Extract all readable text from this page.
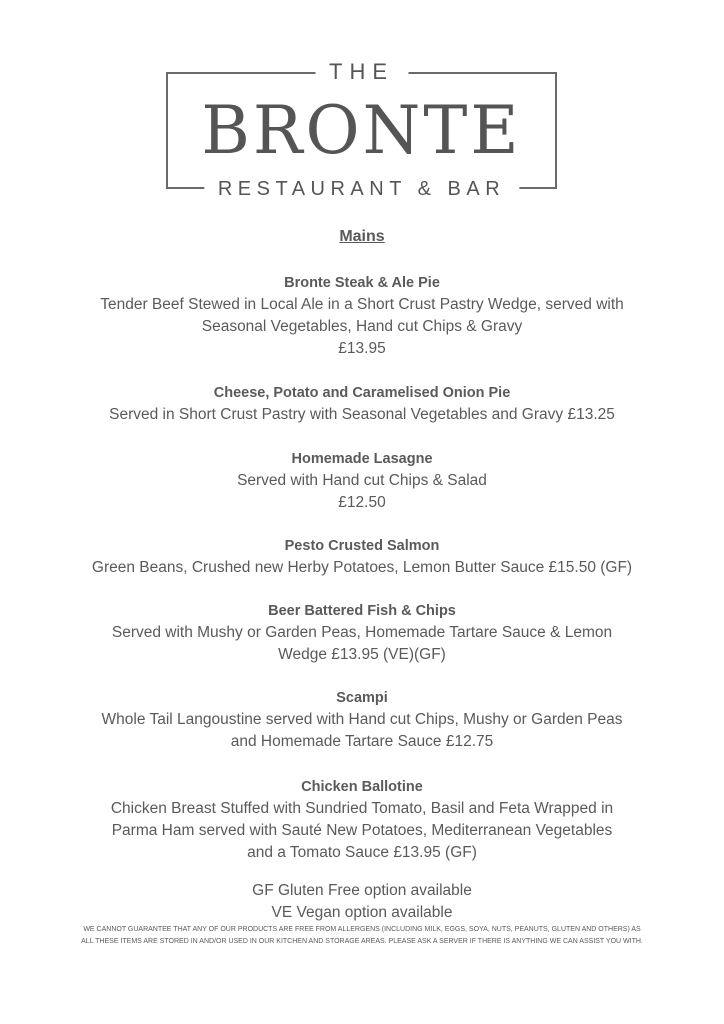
THE
BRONTE
RESTAURANT & BAR
Mains
Bronte Steak & Ale Pie
Tender Beef Stewed in Local Ale in a Short Crust Pastry Wedge, served with
Seasonal Vegetables, Hand cut Chips & Gravy
£13.95
Cheese, Potato and Caramelised Onion Pie
Served in Short Crust Pastry with Seasonal Vegetables and Gravy £13.25
Homemade Lasagne
Served with Hand cut Chips & Salad
£12.50
Pesto Crusted Salmon
Green Beans, Crushed new Herby Potatoes, Lemon Butter Sauce £15.50 (GF)
Beer Battered Fish & Chips
Served with Mushy or Garden Peas, Homemade Tartare Sauce & Lemon
Wedge £13.95 (VE)(GF)
Scampi
Whole Tail Langoustine served with Hand cut Chips, Mushy or Garden Peas
and Homemade Tartare Sauce £12.75
Chicken Ballotine
Chicken Breast Stuffed with Sundried Tomato, Basil and Feta Wrapped in
Parma Ham served with Sauté New Potatoes, Mediterranean Vegetables
and a Tomato Sauce £13.95 (GF)
GF Gluten Free option available
VE Vegan option available
WE CANNOT GUARANTEE THAT ANY OF OUR PRODUCTS ARE FREE FROM ALLERGENS (INCLUDING MILK, EGGS, SOYA, NUTS, PEANUTS, GLUTEN AND OTHERS) AS
ALL THESE ITEMS ARE STORED IN AND/OR USED IN OUR KITCHEN AND STORAGE AREAS. PLEASE ASK A SERVER IF THERE IS ANYTHING WE CAN ASSIST YOU WITH.
